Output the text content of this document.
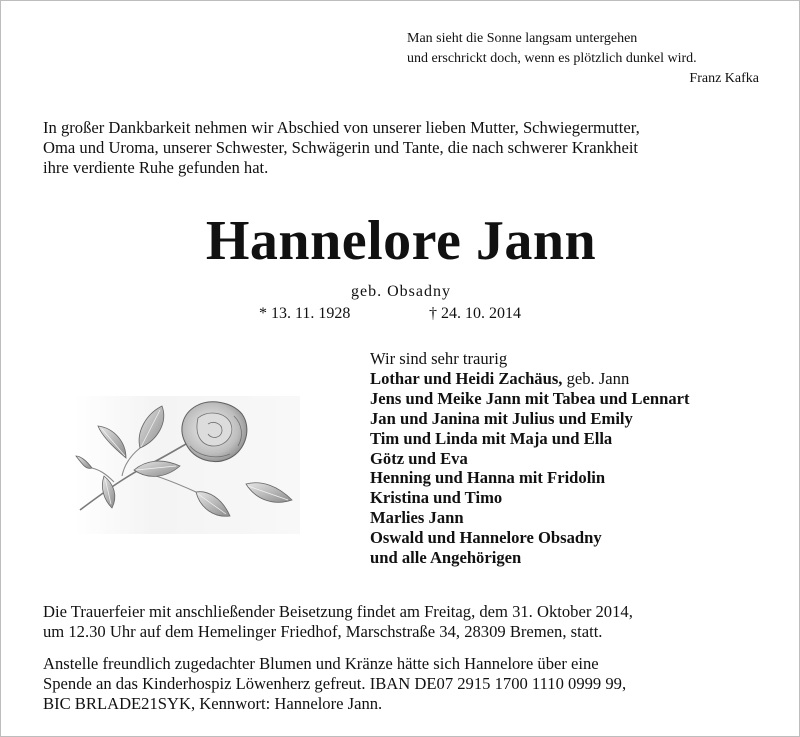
Man sieht die Sonne langsam untergehen
und erschrickt doch, wenn es plötzlich dunkel wird.
Franz Kafka
In großer Dankbarkeit nehmen wir Abschied von unserer lieben Mutter, Schwiegermutter,
Oma und Uroma, unserer Schwester, Schwägerin und Tante, die nach schwerer Krankheit
ihre verdiente Ruhe gefunden hat.
Hannelore Jann
geb. Obsadny
* 13. 11. 1928	† 24. 10. 2014
Wir sind sehr traurig
Lothar und Heidi Zachäus, geb. Jann
Jens und Meike Jann mit Tabea und Lennart
Jan und Janina mit Julius und Emily
Tim und Linda mit Maja und Ella
Götz und Eva
Henning und Hanna mit Fridolin
Kristina und Timo
Marlies Jann
Oswald und Hannelore Obsadny
und alle Angehörigen
Die Trauerfeier mit anschließender Beisetzung findet am Freitag, dem 31. Oktober 2014,
um 12.30 Uhr auf dem Hemelinger Friedhof, Marschstraße 34, 28309 Bremen, statt.
Anstelle freundlich zugedachter Blumen und Kränze hätte sich Hannelore über eine
Spende an das Kinderhospiz Löwenherz gefreut. IBAN DE07 2915 1700 1110 0999 99,
BIC BRLADE21SYK, Kennwort: Hannelore Jann.
